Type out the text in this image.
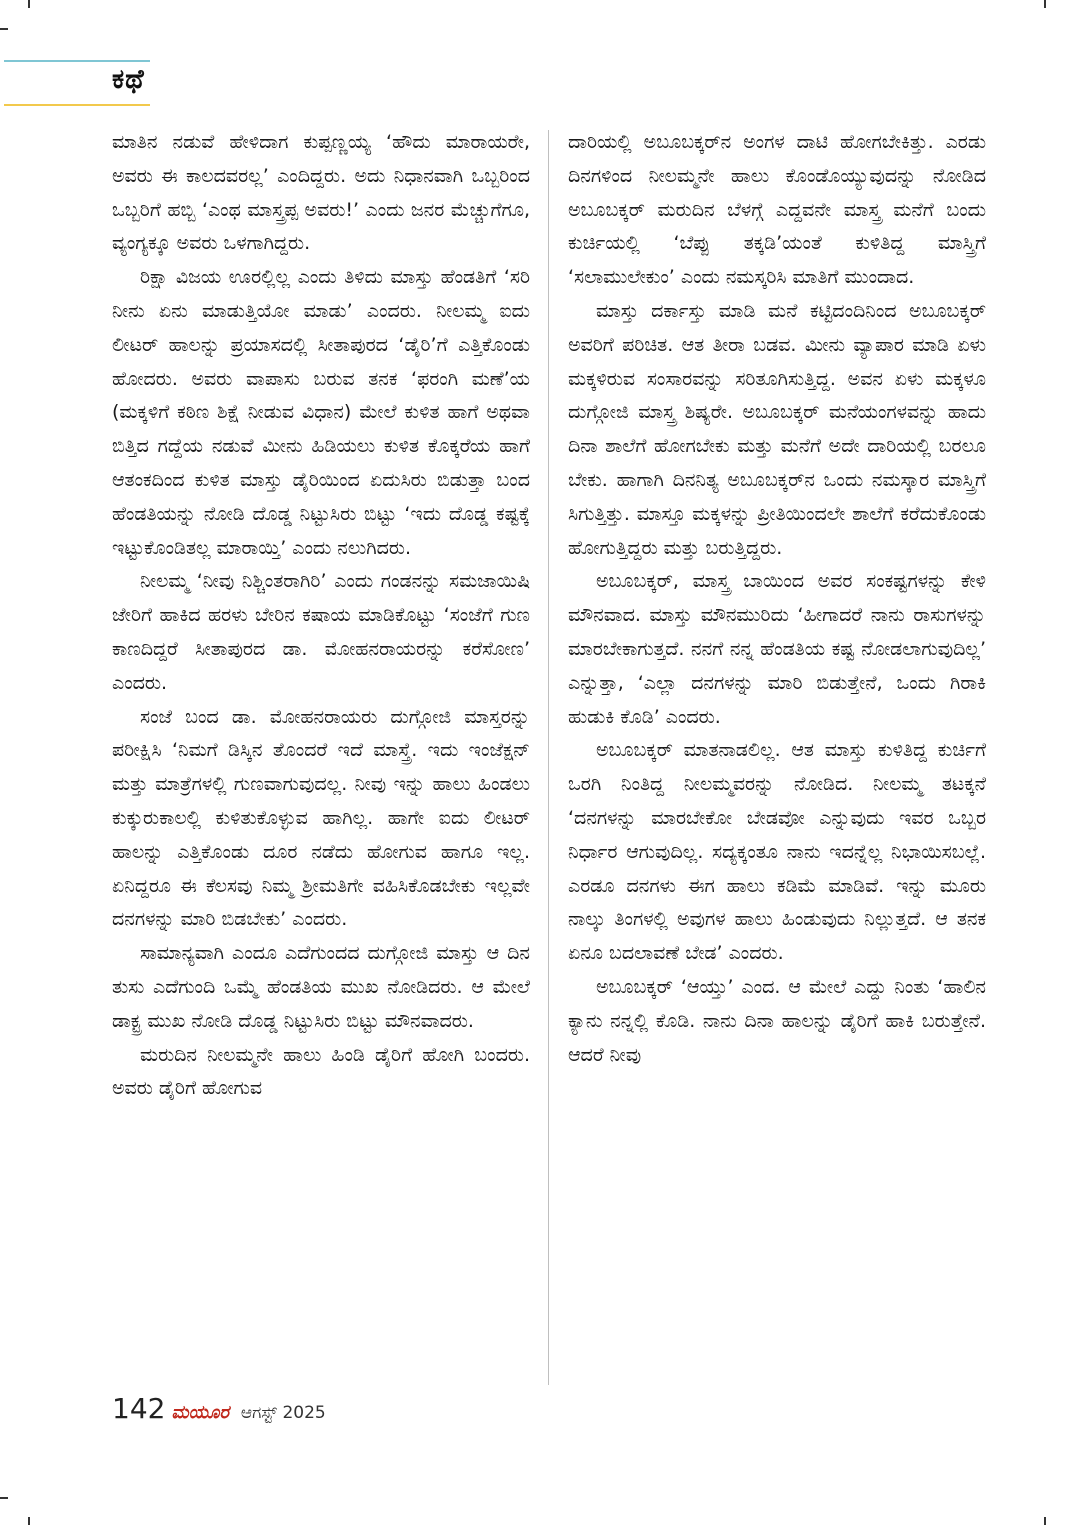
ಕಥೆ

ಮಾತಿನ ನಡುವೆ ಹೇಳಿದಾಗ ಕುಪ್ಪಣ್ಣಯ್ಯ ‘ಹೌದು ಮಾರಾಯರೇ, ಅವರು ಈ ಕಾಲದವರಲ್ಲ’ ಎಂದಿದ್ದರು. ಅದು ನಿಧಾನವಾಗಿ ಒಬ್ಬರಿಂದ ಒಬ್ಬರಿಗೆ ಹಬ್ಬಿ ‘ಎಂಥ ಮಾಸ್ತ್ರಪ್ಪ ಅವರು!’ ಎಂದು ಜನರ ಮೆಚ್ಚುಗೆಗೂ, ವ್ಯಂಗ್ಯಕ್ಕೂ ಅವರು ಒಳಗಾಗಿದ್ದರು.

ರಿಕ್ಷಾ ವಿಜಯ ಊರಲ್ಲಿಲ್ಲ ಎಂದು ತಿಳಿದು ಮಾಸ್ತು ಹೆಂಡತಿಗೆ ‘ಸರಿ ನೀನು ಏನು ಮಾಡುತ್ತಿಯೋ ಮಾಡು’ ಎಂದರು. ನೀಲಮ್ಮ ಐದು ಲೀಟರ್ ಹಾಲನ್ನು ಪ್ರಯಾಸದಲ್ಲಿ ಸೀತಾಪುರದ ‘ಡೈರಿ’ಗೆ ಎತ್ತಿಕೊಂಡು ಹೋದರು. ಅವರು ವಾಪಾಸು ಬರುವ ತನಕ ‘ಫರಂಗಿ ಮಣೆ’ಯ (ಮಕ್ಕಳಿಗೆ ಕಠಿಣ ಶಿಕ್ಷೆ ನೀಡುವ ವಿಧಾನ) ಮೇಲೆ ಕುಳಿತ ಹಾಗೆ ಅಥವಾ ಬಿತ್ತಿದ ಗದ್ದೆಯ ನಡುವೆ ಮೀನು ಹಿಡಿಯಲು ಕುಳಿತ ಕೊಕ್ಕರೆಯ ಹಾಗೆ ಆತಂಕದಿಂದ ಕುಳಿತ ಮಾಸ್ತು ಡೈರಿಯಿಂದ ಏದುಸಿರು ಬಿಡುತ್ತಾ ಬಂದ ಹೆಂಡತಿಯನ್ನು ನೋಡಿ ದೊಡ್ಡ ನಿಟ್ಟುಸಿರು ಬಿಟ್ಟು ‘ಇದು ದೊಡ್ಡ ಕಷ್ಟಕ್ಕೆ ಇಟ್ಟುಕೊಂಡಿತಲ್ಲ ಮಾರಾಯ್ತಿ’ ಎಂದು ನಲುಗಿದರು.

ನೀಲಮ್ಮ ‘ನೀವು ನಿಶ್ಚಿಂತರಾಗಿರಿ’ ಎಂದು ಗಂಡನನ್ನು ಸಮಜಾಯಿಷಿ ಜೇರಿಗೆ ಹಾಕಿದ ಹರಳು ಬೇರಿನ ಕಷಾಯ ಮಾಡಿಕೊಟ್ಟು ‘ಸಂಜೆಗೆ ಗುಣ ಕಾಣದಿದ್ದರೆ ಸೀತಾಪುರದ ಡಾ. ಮೋಹನರಾಯರನ್ನು ಕರೆಸೋಣ’ ಎಂದರು.

ಸಂಜೆ ಬಂದ ಡಾ. ಮೋಹನರಾಯರು ದುಗ್ಗೋಜಿ ಮಾಸ್ತರನ್ನು ಪರೀಕ್ಷಿಸಿ ‘ನಿಮಗೆ ಡಿಸ್ಕಿನ ತೊಂದರೆ ಇದೆ ಮಾಸ್ತ್ರೆ. ಇದು ಇಂಜೆಕ್ಷನ್ ಮತ್ತು ಮಾತ್ರೆಗಳಲ್ಲಿ ಗುಣವಾಗುವುದಲ್ಲ. ನೀವು ಇನ್ನು ಹಾಲು ಹಿಂಡಲು ಕುಕ್ಕುರುಕಾಲಲ್ಲಿ ಕುಳಿತುಕೊಳ್ಳುವ ಹಾಗಿಲ್ಲ. ಹಾಗೇ ಐದು ಲೀಟರ್ ಹಾಲನ್ನು ಎತ್ತಿಕೊಂಡು ದೂರ ನಡೆದು ಹೋಗುವ ಹಾಗೂ ಇಲ್ಲ. ಏನಿದ್ದರೂ ಈ ಕೆಲಸವು ನಿಮ್ಮ ಶ್ರೀಮತಿಗೇ ವಹಿಸಿಕೊಡಬೇಕು ಇಲ್ಲವೇ ದನಗಳನ್ನು ಮಾರಿ ಬಿಡಬೇಕು’ ಎಂದರು.

ಸಾಮಾನ್ಯವಾಗಿ ಎಂದೂ ಎದೆಗುಂದದ ದುಗ್ಗೋಜಿ ಮಾಸ್ತು ಆ ದಿನ ತುಸು ಎದೆಗುಂದಿ ಒಮ್ಮೆ ಹೆಂಡತಿಯ ಮುಖ ನೋಡಿದರು. ಆ ಮೇಲೆ ಡಾಕ್ಟ್ರ ಮುಖ ನೋಡಿ ದೊಡ್ಡ ನಿಟ್ಟುಸಿರು ಬಿಟ್ಟು ಮೌನವಾದರು.

ಮರುದಿನ ನೀಲಮ್ಮನೇ ಹಾಲು ಹಿಂಡಿ ಡೈರಿಗೆ ಹೋಗಿ ಬಂದರು. ಅವರು ಡೈರಿಗೆ ಹೋಗುವ

ದಾರಿಯಲ್ಲಿ ಅಬೂಬಕ್ಕರ್‌ನ ಅಂಗಳ ದಾಟಿ ಹೋಗಬೇಕಿತ್ತು. ಎರಡು ದಿನಗಳಿಂದ ನೀಲಮ್ಮನೇ ಹಾಲು ಕೊಂಡೊಯ್ಯುವುದನ್ನು ನೋಡಿದ ಅಬೂಬಕ್ಕರ್ ಮರುದಿನ ಬೆಳಗ್ಗೆ ಎದ್ದವನೇ ಮಾಸ್ತ್ರ ಮನೆಗೆ ಬಂದು ಕುರ್ಚಿಯಲ್ಲಿ ‘ಬೆಪ್ಪು ತಕ್ಕಡಿ’ಯಂತೆ ಕುಳಿತಿದ್ದ ಮಾಸ್ತ್ರಿಗೆ ‘ಸಲಾಮುಲೇಕುಂ’ ಎಂದು ನಮಸ್ಕರಿಸಿ ಮಾತಿಗೆ ಮುಂದಾದ.

ಮಾಸ್ತು ದರ್ಕಾಸ್ತು ಮಾಡಿ ಮನೆ ಕಟ್ಟಿದಂದಿನಿಂದ ಅಬೂಬಕ್ಕರ್ ಅವರಿಗೆ ಪರಿಚಿತ. ಆತ ತೀರಾ ಬಡವ. ಮೀನು ವ್ಯಾಪಾರ ಮಾಡಿ ಏಳು ಮಕ್ಕಳಿರುವ ಸಂಸಾರವನ್ನು ಸರಿತೂಗಿಸುತ್ತಿದ್ದ. ಅವನ ಏಳು ಮಕ್ಕಳೂ ದುಗ್ಗೋಜಿ ಮಾಸ್ತ್ರ ಶಿಷ್ಯರೇ. ಅಬೂಬಕ್ಕರ್ ಮನೆಯಂಗಳವನ್ನು ಹಾದು ದಿನಾ ಶಾಲೆಗೆ ಹೋಗಬೇಕು ಮತ್ತು ಮನೆಗೆ ಅದೇ ದಾರಿಯಲ್ಲಿ ಬರಲೂ ಬೇಕು. ಹಾಗಾಗಿ ದಿನನಿತ್ಯ ಅಬೂಬಕ್ಕರ್‌ನ ಒಂದು ನಮಸ್ಕಾರ ಮಾಸ್ತ್ರಿಗೆ ಸಿಗುತ್ತಿತ್ತು. ಮಾಸ್ತೂ ಮಕ್ಕಳನ್ನು ಪ್ರೀತಿಯಿಂದಲೇ ಶಾಲೆಗೆ ಕರೆದುಕೊಂಡು ಹೋಗುತ್ತಿದ್ದರು ಮತ್ತು ಬರುತ್ತಿದ್ದರು.

ಅಬೂಬಕ್ಕರ್, ಮಾಸ್ತ್ರ ಬಾಯಿಂದ ಅವರ ಸಂಕಷ್ಟಗಳನ್ನು ಕೇಳಿ ಮೌನವಾದ. ಮಾಸ್ತು ಮೌನಮುರಿದು ‘ಹೀಗಾದರೆ ನಾನು ರಾಸುಗಳನ್ನು ಮಾರಬೇಕಾಗುತ್ತದೆ. ನನಗೆ ನನ್ನ ಹೆಂಡತಿಯ ಕಷ್ಟ ನೋಡಲಾಗುವುದಿಲ್ಲ’ ಎನ್ನುತ್ತಾ, ‘ಎಲ್ಲಾ ದನಗಳನ್ನು ಮಾರಿ ಬಿಡುತ್ತೇನೆ, ಒಂದು ಗಿರಾಕಿ ಹುಡುಕಿ ಕೊಡಿ’ ಎಂದರು.

ಅಬೂಬಕ್ಕರ್ ಮಾತನಾಡಲಿಲ್ಲ. ಆತ ಮಾಸ್ತು ಕುಳಿತಿದ್ದ ಕುರ್ಚಿಗೆ ಒರಗಿ ನಿಂತಿದ್ದ ನೀಲಮ್ಮವರನ್ನು ನೋಡಿದ. ನೀಲಮ್ಮ ತಟಕ್ಕನೆ ‘ದನಗಳನ್ನು ಮಾರಬೇಕೋ ಬೇಡವೋ ಎನ್ನುವುದು ಇವರ ಒಬ್ಬರ ನಿರ್ಧಾರ ಆಗುವುದಿಲ್ಲ. ಸದ್ಯಕ್ಕಂತೂ ನಾನು ಇದನ್ನೆಲ್ಲ ನಿಭಾಯಿಸಬಲ್ಲೆ. ಎರಡೂ ದನಗಳು ಈಗ ಹಾಲು ಕಡಿಮೆ ಮಾಡಿವೆ. ಇನ್ನು ಮೂರು ನಾಲ್ಕು ತಿಂಗಳಲ್ಲಿ ಅವುಗಳ ಹಾಲು ಹಿಂಡುವುದು ನಿಲ್ಲುತ್ತದೆ. ಆ ತನಕ ಏನೂ ಬದಲಾವಣೆ ಬೇಡ’ ಎಂದರು.

ಅಬೂಬಕ್ಕರ್ ‘ಆಯ್ತು’ ಎಂದ. ಆ ಮೇಲೆ ಎದ್ದು ನಿಂತು ‘ಹಾಲಿನ ಕ್ಯಾನು ನನ್ನಲ್ಲಿ ಕೊಡಿ. ನಾನು ದಿನಾ ಹಾಲನ್ನು ಡೈರಿಗೆ ಹಾಕಿ ಬರುತ್ತೇನೆ. ಆದರೆ ನೀವು

142 ಮಯೂರ ಆಗಸ್ಟ್ 2025
